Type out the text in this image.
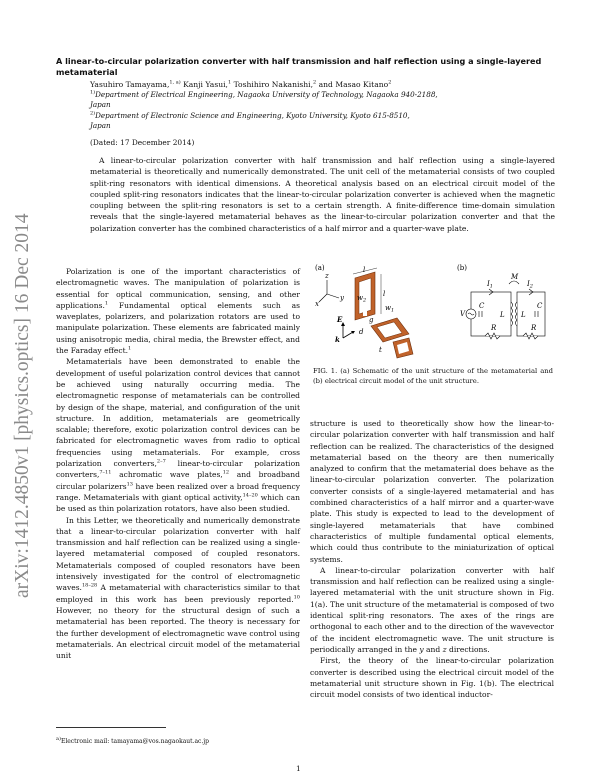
arXiv:1412.4850v1 [physics.optics] 16 Dec 2014
A linear-to-circular polarization converter with half transmission and half reflection using a single-layered metamaterial
Yasuhiro Tamayama,$^{1, a)}$ Kanji Yasui,$^1$ Toshihiro Nakanishi,$^2$ and Masao Kitano$^2$
$^{1)}$Department of Electrical Engineering, Nagaoka University of Technology, Nagaoka 940-2188,
Japan
$^{2)}$Department of Electronic Science and Engineering, Kyoto University, Kyoto 615-8510,
Japan
(Dated: 17 December 2014)
A linear-to-circular polarization converter with half transmission and half reflection using a single-layered metamaterial is theoretically and numerically demonstrated. The unit cell of the metamaterial consists of two coupled split-ring resonators with identical dimensions. A theoretical analysis based on an electrical circuit model of the coupled split-ring resonators indicates that the linear-to-circular polarization converter is achieved when the magnetic coupling between the split-ring resonators is set to a certain strength. A finite-difference time-domain simulation reveals that the single-layered metamaterial behaves as the linear-to-circular polarization converter and that the polarization converter has the combined characteristics of a half mirror and a quarter-wave plate.

Polarization is one of the important characteristics of electromagnetic waves. The manipulation of polarization is essential for optical communication, sensing, and other applications.$^1$ Fundamental optical elements such as waveplates, polarizers, and polarization rotators are used to manipulate polarization. These elements are fabricated mainly using anisotropic media, chiral media, the Brewster effect, and the Faraday effect.$^1$

Metamaterials have been demonstrated to enable the development of useful polarization control devices that cannot be achieved using naturally occurring media. The electromagnetic response of metamaterials can be controlled by design of the shape, material, and configuration of the unit structure. In addition, metamaterials are geometrically scalable; therefore, exotic polarization control devices can be fabricated for electromagnetic waves from radio to optical frequencies using metamaterials. For example, cross polarization converters,$^{2-7}$ linear-to-circular polarization converters,$^{7-11}$ achromatic wave plates,$^{12}$ and broadband circular polarizers$^{13}$ have been realized over a broad frequency range. Metamaterials with giant optical activity,$^{14-20}$ which can be used as thin polarization rotators, have also been studied.

In this Letter, we theoretically and numerically demonstrate that a linear-to-circular polarization converter with half transmission and half reflection can be realized using a single-layered metamaterial composed of coupled resonators. Metamaterials composed of coupled resonators have been intensively investigated for the control of electromagnetic waves.$^{18-28}$ A metamaterial with characteristics similar to that employed in this work has been previously reported.$^{10}$ However, no theory for the structural design of such a metamaterial has been reported. The theory is necessary for the further development of electromagnetic wave control using metamaterials. An electrical circuit model of the metamaterial unit

(a)	(b)
l
l
$w_2$
$w_1$
g
z
y
x
E
k
d
t
$I_1$	$I_2$
M
C	C
L L
R	R
V
FIG. 1. (a) Schematic of the unit structure of the metamaterial and (b) electrical circuit model of the unit structure.

structure is used to theoretically show how the linear-to-circular polarization converter with half transmission and half reflection can be realized. The characteristics of the designed metamaterial based on the theory are then numerically analyzed to confirm that the metamaterial does behave as the linear-to-circular polarization converter. The polarization converter consists of a single-layered metamaterial and has combined characteristics of a half mirror and a quarter-wave plate. This study is expected to lead to the development of single-layered metamaterials that have combined characteristics of multiple fundamental optical elements, which could thus contribute to the miniaturization of optical systems.

A linear-to-circular polarization converter with half transmission and half reflection can be realized using a single-layered metamaterial with the unit structure shown in Fig. 1(a). The unit structure of the metamaterial is composed of two identical split-ring resonators. The axes of the rings are orthogonal to each other and to the direction of the wavevector of the incident electromagnetic wave. The unit structure is periodically arranged in the y and z directions.

First, the theory of the linear-to-circular polarization converter is described using the electrical circuit model of the metamaterial unit structure shown in Fig. 1(b). The electrical circuit model consists of two identical inductor-

$^{a)}$Electronic mail: tamayama@vos.nagaokaut.ac.jp
1
